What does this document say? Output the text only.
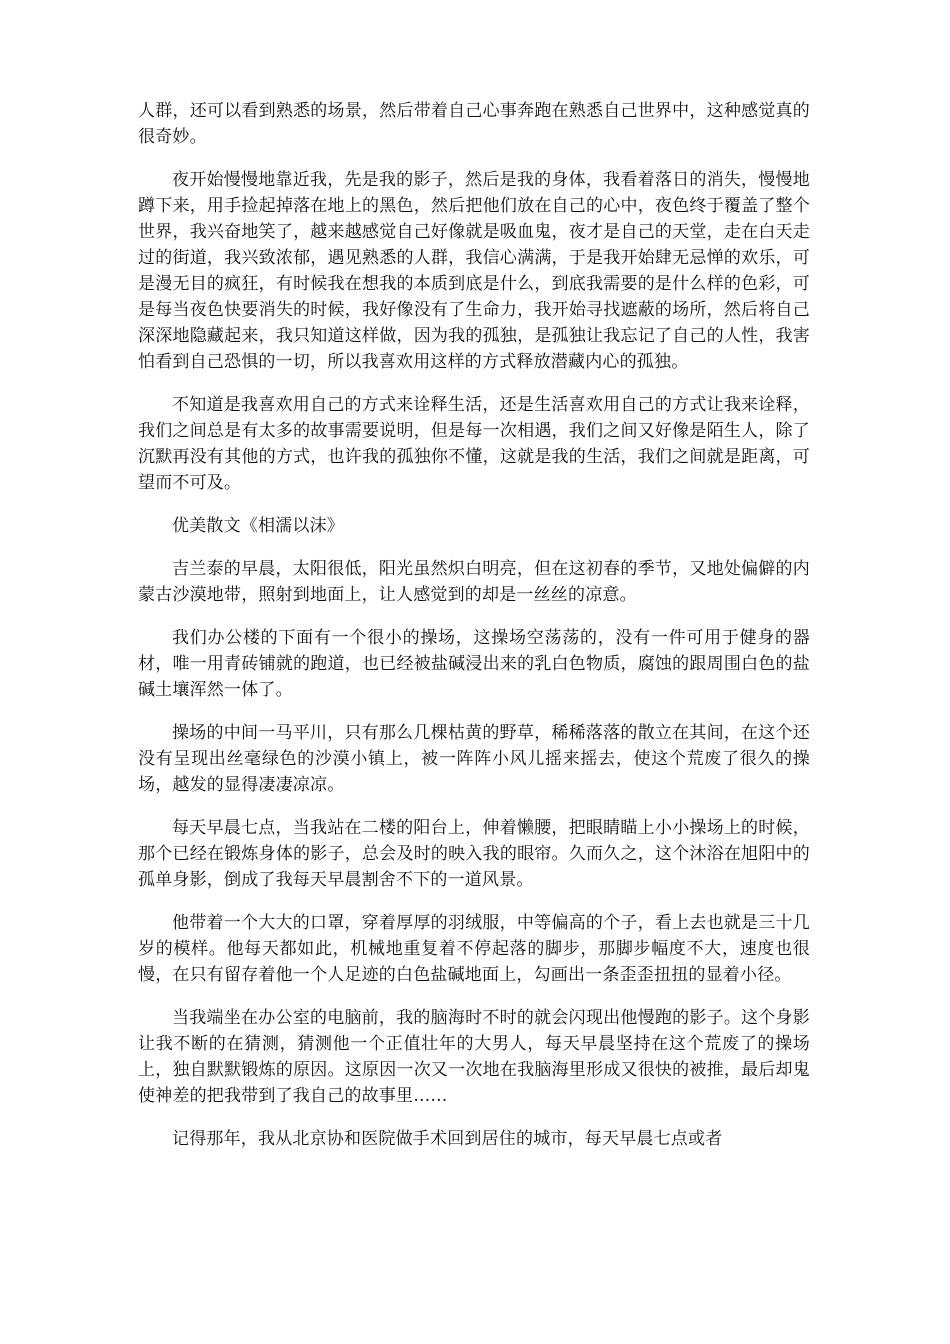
人群，还可以看到熟悉的场景，然后带着自己心事奔跑在熟悉自己世界中，这种感觉真的很奇妙。

夜开始慢慢地靠近我，先是我的影子，然后是我的身体，我看着落日的消失，慢慢地蹲下来，用手捡起掉落在地上的黑色，然后把他们放在自己的心中，夜色终于覆盖了整个世界，我兴奋地笑了，越来越感觉自己好像就是吸血鬼，夜才是自己的天堂，走在白天走过的街道，我兴致浓郁，遇见熟悉的人群，我信心满满，于是我开始肆无忌惮的欢乐，可是漫无目的疯狂，有时候我在想我的本质到底是什么，到底我需要的是什么样的色彩，可是每当夜色快要消失的时候，我好像没有了生命力，我开始寻找遮蔽的场所，然后将自己深深地隐藏起来，我只知道这样做，因为我的孤独，是孤独让我忘记了自己的人性，我害怕看到自己恐惧的一切，所以我喜欢用这样的方式释放潜藏内心的孤独。

不知道是我喜欢用自己的方式来诠释生活，还是生活喜欢用自己的方式让我来诠释，我们之间总是有太多的故事需要说明，但是每一次相遇，我们之间又好像是陌生人，除了沉默再没有其他的方式，也许我的孤独你不懂，这就是我的生活，我们之间就是距离，可望而不可及。

优美散文《相濡以沫》

吉兰泰的早晨，太阳很低，阳光虽然炽白明亮，但在这初春的季节，又地处偏僻的内蒙古沙漠地带，照射到地面上，让人感觉到的却是一丝丝的凉意。

我们办公楼的下面有一个很小的操场，这操场空荡荡的，没有一件可用于健身的器材，唯一用青砖铺就的跑道，也已经被盐碱浸出来的乳白色物质，腐蚀的跟周围白色的盐碱土壤浑然一体了。

操场的中间一马平川，只有那么几棵枯黄的野草，稀稀落落的散立在其间，在这个还没有呈现出丝毫绿色的沙漠小镇上，被一阵阵小风儿摇来摇去，使这个荒废了很久的操场，越发的显得凄凄凉凉。

每天早晨七点，当我站在二楼的阳台上，伸着懒腰，把眼睛瞄上小小操场上的时候，那个已经在锻炼身体的影子，总会及时的映入我的眼帘。久而久之，这个沐浴在旭阳中的孤单身影，倒成了我每天早晨割舍不下的一道风景。

他带着一个大大的口罩，穿着厚厚的羽绒服，中等偏高的个子，看上去也就是三十几岁的模样。他每天都如此，机械地重复着不停起落的脚步，那脚步幅度不大，速度也很慢，在只有留存着他一个人足迹的白色盐碱地面上，勾画出一条歪歪扭扭的显着小径。

当我端坐在办公室的电脑前，我的脑海时不时的就会闪现出他慢跑的影子。这个身影让我不断的在猜测，猜测他一个正值壮年的大男人，每天早晨坚持在这个荒废了的操场上，独自默默锻炼的原因。这原因一次又一次地在我脑海里形成又很快的被推，最后却鬼使神差的把我带到了我自己的故事里……

记得那年，我从北京协和医院做手术回到居住的城市，每天早晨七点或者
